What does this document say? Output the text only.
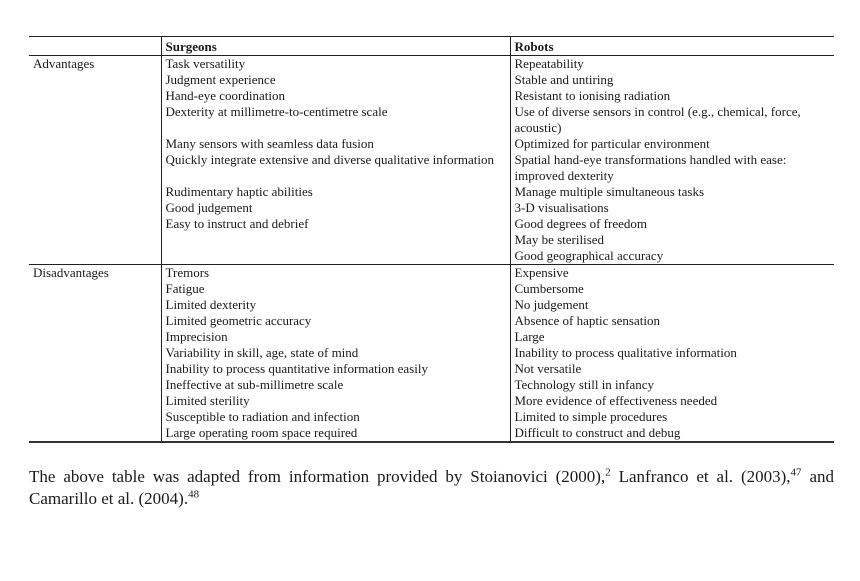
	Surgeons	Robots
Advantages	Task versatility	Repeatability
	Judgment experience	Stable and untiring
	Hand-eye coordination	Resistant to ionising radiation
	Dexterity at millimetre-to-centimetre scale	Use of diverse sensors in control (e.g., chemical, force, acoustic)
	Many sensors with seamless data fusion	Optimized for particular environment
	Quickly integrate extensive and diverse qualitative information	Spatial hand-eye transformations handled with ease: improved dexterity
	Rudimentary haptic abilities	Manage multiple simultaneous tasks
	Good judgement	3-D visualisations
	Easy to instruct and debrief	Good degrees of freedom
		May be sterilised
		Good geographical accuracy
Disadvantages	Tremors	Expensive
	Fatigue	Cumbersome
	Limited dexterity	No judgement
	Limited geometric accuracy	Absence of haptic sensation
	Imprecision	Large
	Variability in skill, age, state of mind	Inability to process qualitative information
	Inability to process quantitative information easily	Not versatile
	Ineffective at sub-millimetre scale	Technology still in infancy
	Limited sterility	More evidence of effectiveness needed
	Susceptible to radiation and infection	Limited to simple procedures
	Large operating room space required	Difficult to construct and debug

The above table was adapted from information provided by Stoianovici (2000),$^2$ Lanfranco et al. (2003),$^{47}$ and Camarillo et al. (2004).$^{48}$
